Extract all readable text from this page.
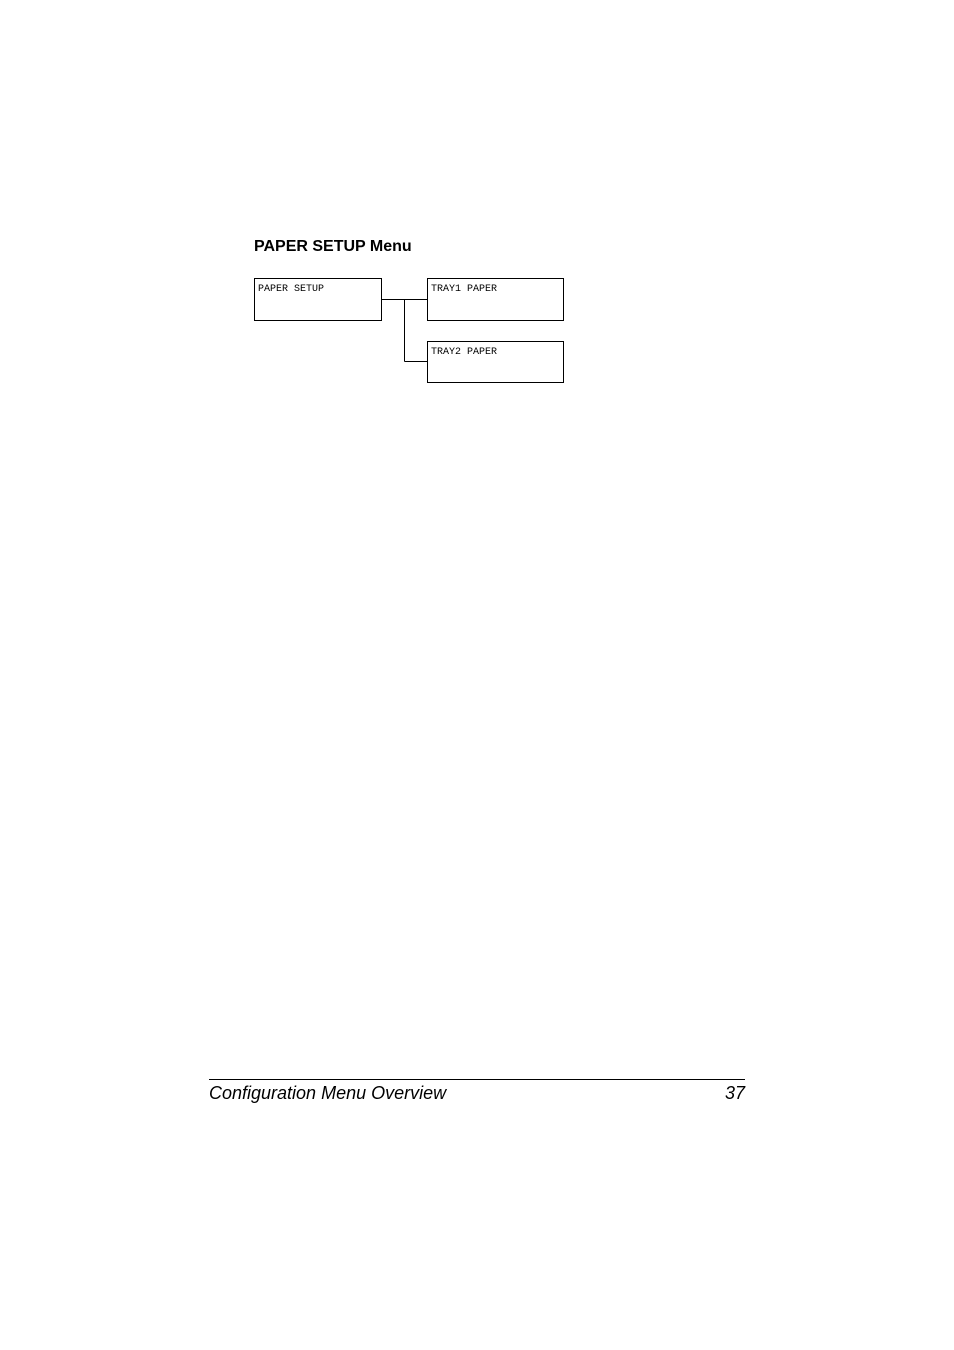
PAPER SETUP Menu
PAPER SETUP	TRAY1 PAPER
TRAY2 PAPER
Configuration Menu Overview	37
